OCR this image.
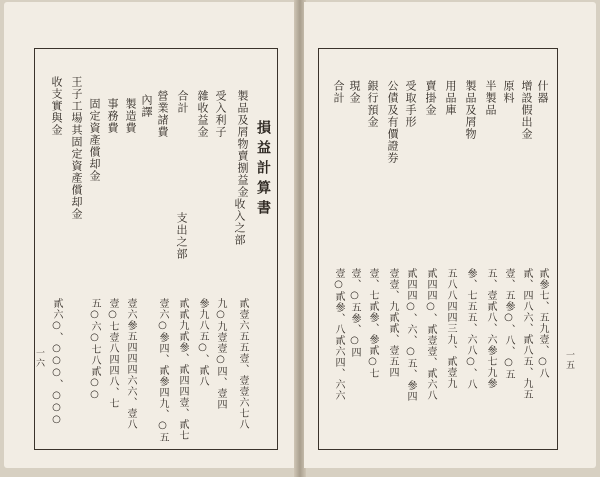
損益計算書
收入之部
支出之部
製品及屑物賣捌益金
貳壹六五五壹、壹壹六七八
受入利子
九○九壹壹○四、壹四
雜收益金
參九八五○、貳八
合計
貳貳九貳參、貳四四壹、貳七
營業諸費
壹六○參四、貳參四九、○五
內譯
製造費
壹六參五四四四六六、壹八
事務費
壹○七壹八四四八、七
固定資產償却金
五○六○七八貳○○
王子工場其固定資產償却金
收支實與金
貳六○、○○○、○○○
一六
什器
貳參七、五九壹、○八
增設假出金
貳、四八六、貳八五、九五
原料
壹、五參○、八、○五
半製品
五、壹貳八、六參七九參
製品及屑物
參、七五五、六八○、八
用品庫
五八八四四三九、貳壹九
賣掛金
貳四四○、貳壹壹、貳六八
受取手形
貳四四○、六、○五、參四
公債及有價證券
壹壹、九貳貳、壹五四
銀行預金
壹、七貳參、參貳○七
現金
壹、○五參、○四
合計
壹○貳參、八貳六四、六六	一五
